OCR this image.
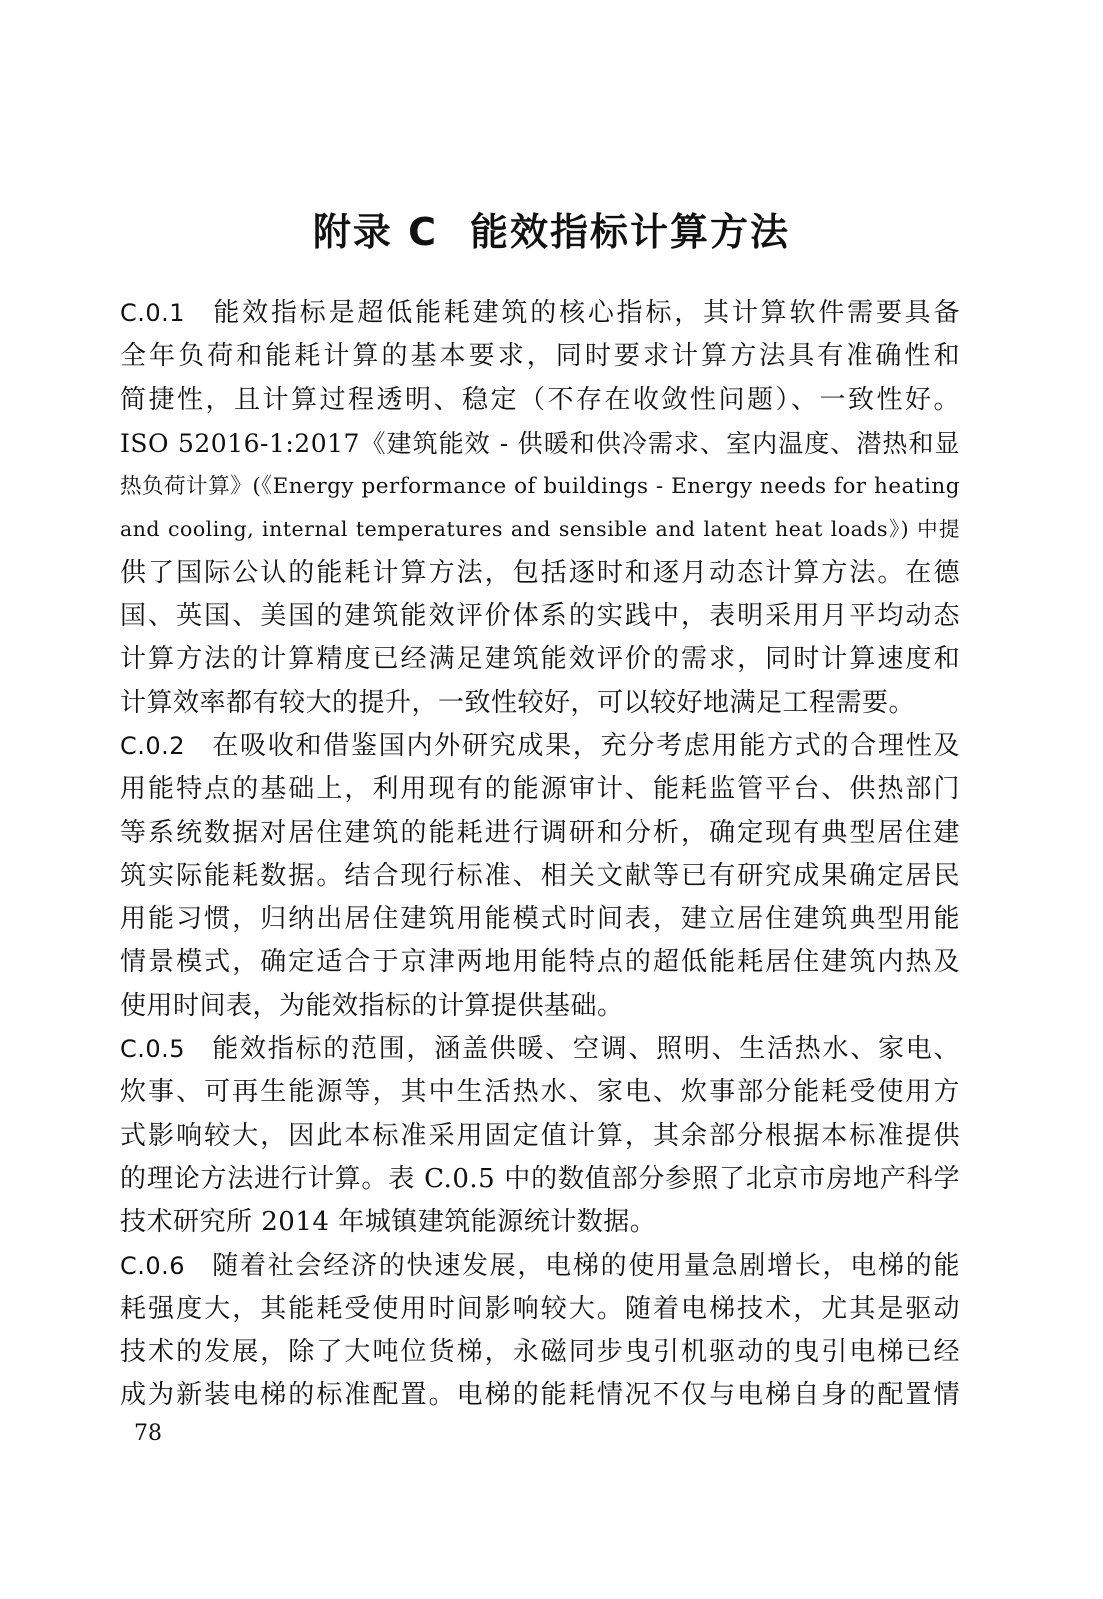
附录 C 能效指标计算方法
C.0.1 能效指标是超低能耗建筑的核心指标，其计算软件需要具备
全年负荷和能耗计算的基本要求，同时要求计算方法具有准确性和
简捷性，且计算过程透明、稳定（不存在收敛性问题）、一致性好。
ISO 52016-1:2017《建筑能效 - 供暖和供冷需求、室内温度、潜热和显
热负荷计算》(《Energy performance of buildings - Energy needs for heating
and cooling, internal temperatures and sensible and latent heat loads》) 中提
供了国际公认的能耗计算方法，包括逐时和逐月动态计算方法。在德
国、英国、美国的建筑能效评价体系的实践中，表明采用月平均动态
计算方法的计算精度已经满足建筑能效评价的需求，同时计算速度和
计算效率都有较大的提升，一致性较好，可以较好地满足工程需要。
C.0.2 在吸收和借鉴国内外研究成果，充分考虑用能方式的合理性及
用能特点的基础上，利用现有的能源审计、能耗监管平台、供热部门
等系统数据对居住建筑的能耗进行调研和分析，确定现有典型居住建
筑实际能耗数据。结合现行标准、相关文献等已有研究成果确定居民
用能习惯，归纳出居住建筑用能模式时间表，建立居住建筑典型用能
情景模式，确定适合于京津两地用能特点的超低能耗居住建筑内热及
使用时间表，为能效指标的计算提供基础。
C.0.5 能效指标的范围，涵盖供暖、空调、照明、生活热水、家电、
炊事、可再生能源等，其中生活热水、家电、炊事部分能耗受使用方
式影响较大，因此本标准采用固定值计算，其余部分根据本标准提供
的理论方法进行计算。表 C.0.5 中的数值部分参照了北京市房地产科学
技术研究所 2014 年城镇建筑能源统计数据。
C.0.6 随着社会经济的快速发展，电梯的使用量急剧增长，电梯的能
耗强度大，其能耗受使用时间影响较大。随着电梯技术，尤其是驱动
技术的发展，除了大吨位货梯，永磁同步曳引机驱动的曳引电梯已经
成为新装电梯的标准配置。电梯的能耗情况不仅与电梯自身的配置情
78
